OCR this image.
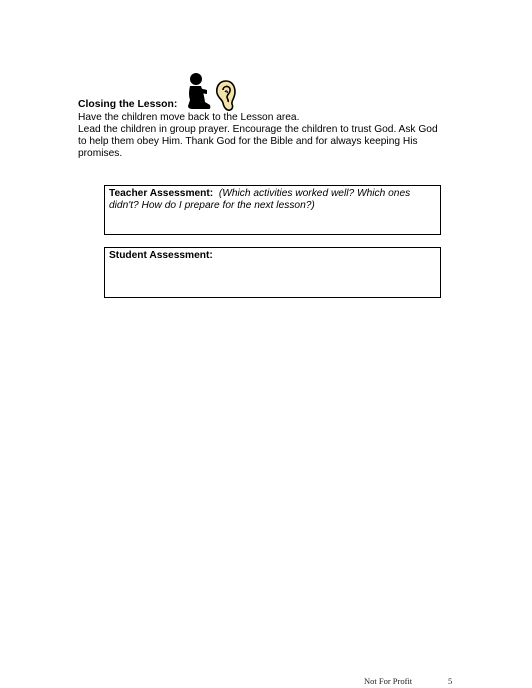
Closing the Lesson:
Have the children move back to the Lesson area.
Lead the children in group prayer. Encourage the children to trust God. Ask God
to help them obey Him. Thank God for the Bible and for always keeping His
promises.
Teacher Assessment: (Which activities worked well? Which ones
didn't? How do I prepare for the next lesson?)
Student Assessment:
Not For Profit	5
